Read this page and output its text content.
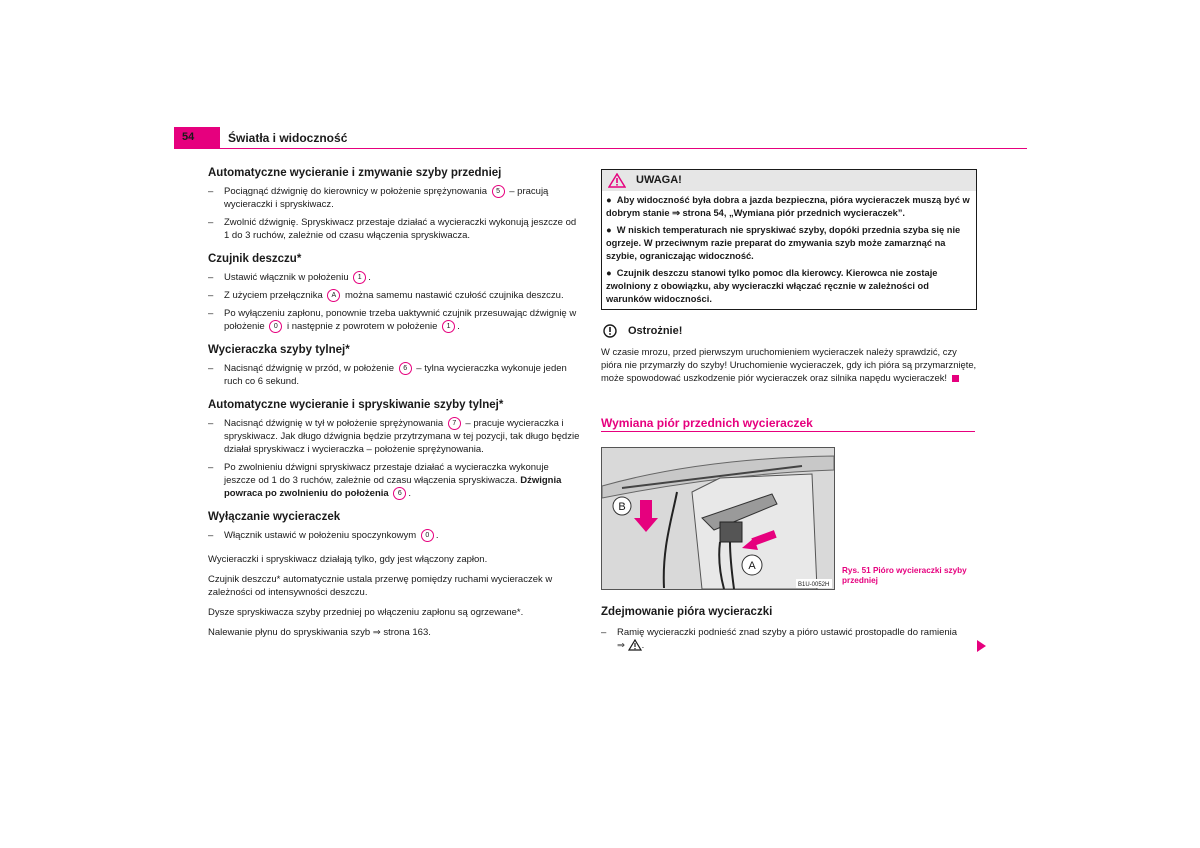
54	Światła i widoczność
Automatyczne wycieranie i zmywanie szyby przedniej
–	Pociągnąć dźwignię do kierownicy w położenie sprężynowania 5 – pracują wycieraczki i spryskiwacz.
–	Zwolnić dźwignię. Spryskiwacz przestaje działać a wycieraczki wykonują jeszcze od 1 do 3 ruchów, zależnie od czasu włączenia spryskiwacza.
Czujnik deszczu*
–	Ustawić włącznik w położeniu 1 .
–	Z użyciem przełącznika A można samemu nastawić czułość czujnika deszczu.
–	Po wyłączeniu zapłonu, ponownie trzeba uaktywnić czujnik przesuwając dźwignię w położenie 0 i następnie z powrotem w położenie 1 .
Wycieraczka szyby tylnej*
–	Nacisnąć dźwignię w przód, w położenie 6 – tylna wycieraczka wykonuje jeden ruch co 6 sekund.
Automatyczne wycieranie i spryskiwanie szyby tylnej*
–	Nacisnąć dźwignię w tył w położenie sprężynowania 7 – pracuje wycieraczka i spryskiwacz. Jak długo dźwignia będzie przytrzymana w tej pozycji, tak długo będzie działał spryskiwacz i wycieraczka – położenie sprężynowania.
–	Po zwolnieniu dźwigni spryskiwacz przestaje działać a wycieraczka wykonuje jeszcze od 1 do 3 ruchów, zależnie od czasu włączenia spryskiwacza. Dźwignia powraca po zwolnieniu do położenia 6 .
Wyłączanie wycieraczek
–	Włącznik ustawić w położeniu spoczynkowym 0 .
Wycieraczki i spryskiwacz działają tylko, gdy jest włączony zapłon.
Czujnik deszczu* automatycznie ustala przerwę pomiędzy ruchami wycieraczek w zależności od intensywności deszczu.
Dysze spryskiwacza szyby przedniej po włączeniu zapłonu są ogrzewane*.
Nalewanie płynu do spryskiwania szyb ⇒ strona 163.
UWAGA!

●  Aby widoczność była dobra a jazda bezpieczna, pióra wycieraczek muszą być w dobrym stanie ⇒ strona 54, „Wymiana piór przednich wycieraczek”.

●  W niskich temperaturach nie spryskiwać szyby, dopóki przednia szyba się nie ogrzeje. W przeciwnym razie preparat do zmywania szyb może zamarznąć na szybie, ograniczając widoczność.

●  Czujnik deszczu stanowi tylko pomoc dla kierowcy. Kierowca nie zostaje zwolniony z obowiązku, aby wycieraczki włączać ręcznie w zależności od warunków widoczności.

Ostrożnie!
W czasie mrozu, przed pierwszym uruchomieniem wycieraczek należy sprawdzić, czy pióra nie przymarzły do szyby! Uruchomienie wycieraczek, gdy ich pióra są przymarznięte, może spowodować uszkodzenie piór wycieraczek oraz silnika napędu wycieraczek!
Wymiana piór przednich wycieraczek
B
A
B1U-0052H
Rys. 51 Pióro wycieraczki szyby przedniej
Zdejmowanie pióra wycieraczki
–	Ramię wycieraczki podnieść znad szyby a pióro ustawić prostopadle do ramienia
⇒ .
